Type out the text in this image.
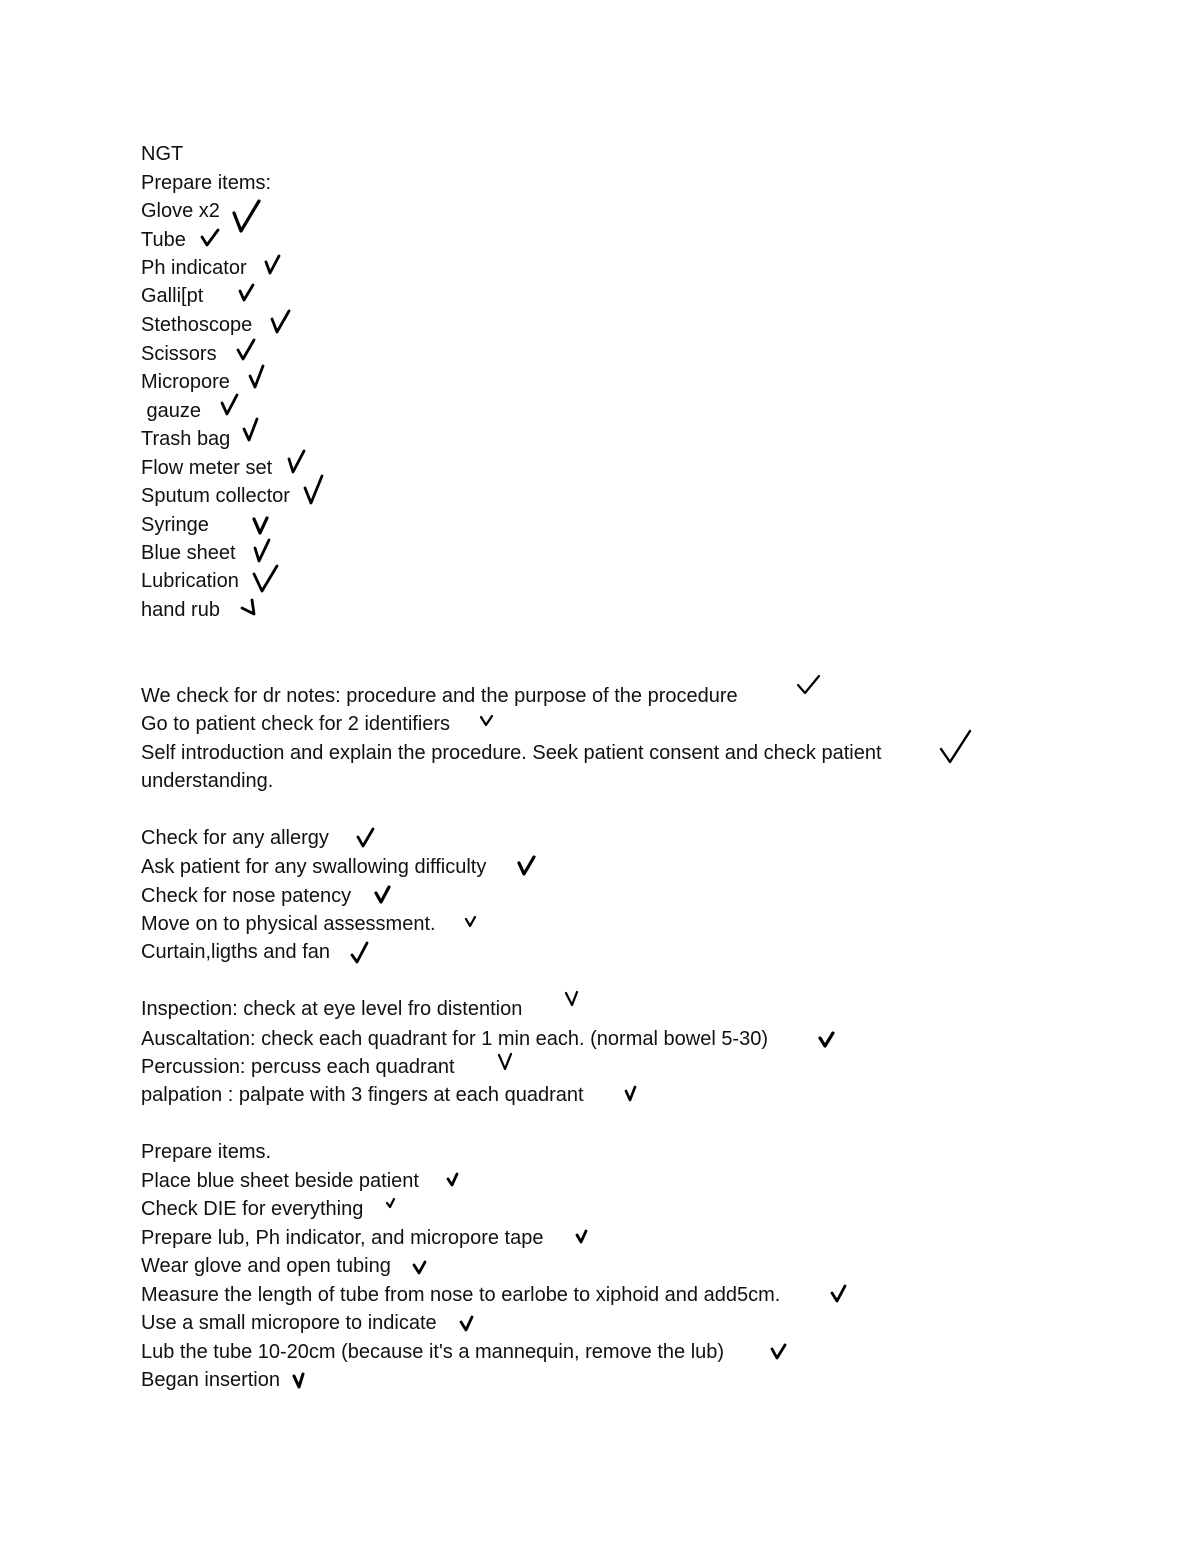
NGT
Prepare items:
Glove x2
Tube
Ph indicator
Galli[pt
Stethoscope
Scissors
Micropore
gauze
Trash bag
Flow meter set
Sputum collector
Syringe
Blue sheet
Lubrication
hand rub
We check for dr notes: procedure and the purpose of the procedure
Go to patient check for 2 identifiers
Self introduction and explain the procedure. Seek patient consent and check patient
understanding.
Check for any allergy
Ask patient for any swallowing difficulty
Check for nose patency
Move on to physical assessment.
Curtain,ligths and fan
Inspection: check at eye level fro distention
Auscaltation: check each quadrant for 1 min each. (normal bowel 5-30)
Percussion: percuss each quadrant
palpation : palpate with 3 fingers at each quadrant
Prepare items.
Place blue sheet beside patient
Check DIE for everything
Prepare lub, Ph indicator, and micropore tape
Wear glove and open tubing
Measure the length of tube from nose to earlobe to xiphoid and add5cm.
Use a small micropore to indicate
Lub the tube 10-20cm (because it's a mannequin, remove the lub)
Began insertion
